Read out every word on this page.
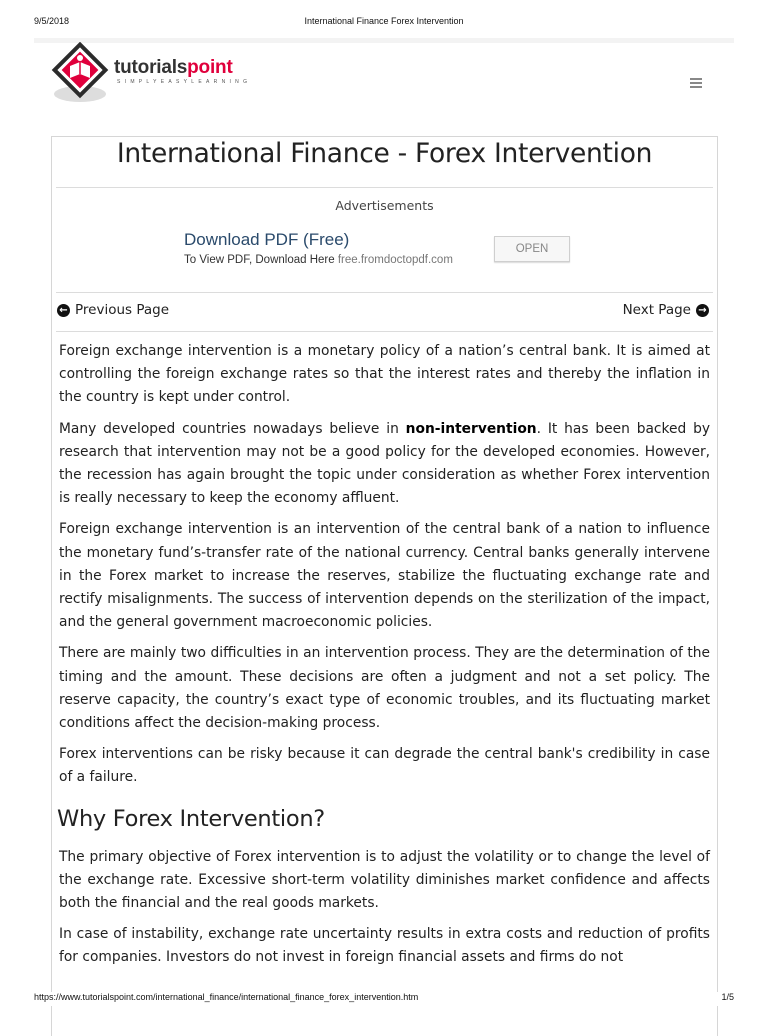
9/5/2018	International Finance Forex Intervention
tutorialspoint
SIMPLYEASYLEARNING
International Finance - Forex Intervention
Advertisements
Download PDF (Free)
To View PDF, Download Here free.fromdoctopdf.com
OPEN
← Previous Page	Next Page →

Foreign exchange intervention is a monetary policy of a nation’s central bank. It is aimed at controlling the foreign exchange rates so that the interest rates and thereby the inflation in the country is kept under control.

Many developed countries nowadays believe in non-intervention. It has been backed by research that intervention may not be a good policy for the developed economies. However, the recession has again brought the topic under consideration as whether Forex intervention is really necessary to keep the economy affluent.

Foreign exchange intervention is an intervention of the central bank of a nation to influence the monetary fund’s-transfer rate of the national currency. Central banks generally intervene in the Forex market to increase the reserves, stabilize the fluctuating exchange rate and rectify misalignments. The success of intervention depends on the sterilization of the impact, and the general government macroeconomic policies.

There are mainly two difficulties in an intervention process. They are the determination of the timing and the amount. These decisions are often a judgment and not a set policy. The reserve capacity, the country’s exact type of economic troubles, and its fluctuating market conditions affect the decision-making process.

Forex interventions can be risky because it can degrade the central bank's credibility in case of a failure.

Why Forex Intervention?

The primary objective of Forex intervention is to adjust the volatility or to change the level of the exchange rate. Excessive short-term volatility diminishes market confidence and affects both the financial and the real goods markets.

In case of instability, exchange rate uncertainty results in extra costs and reduction of profits for companies. Investors do not invest in foreign financial assets and firms do not

https://www.tutorialspoint.com/international_finance/international_finance_forex_intervention.htm	1/5
